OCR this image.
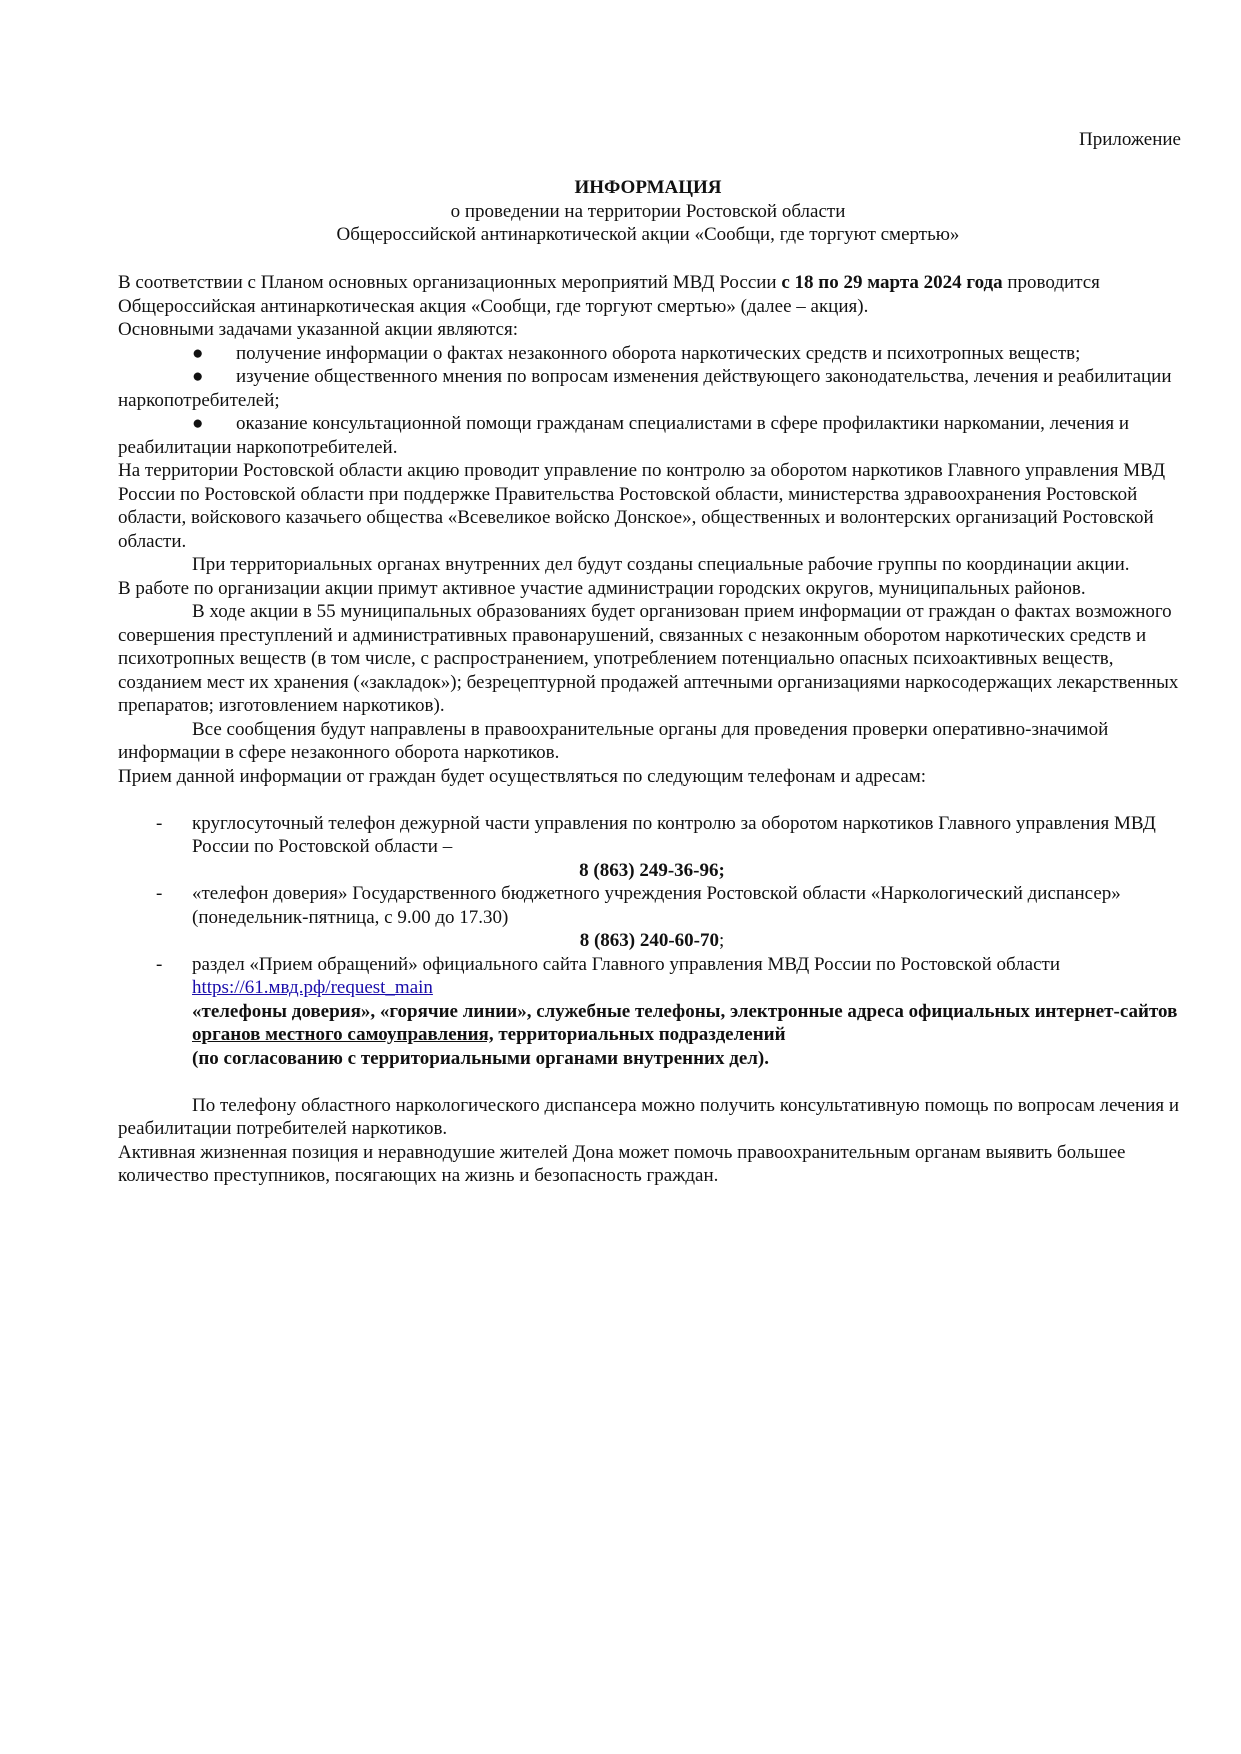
Приложение
ИНФОРМАЦИЯ
о проведении на территории Ростовской области
Общероссийской антинаркотической акции «Сообщи, где торгуют смертью»

В соответствии с Планом основных организационных мероприятий МВД России с 18 по 29 марта 2024 года проводится Общероссийская антинаркотическая акция «Сообщи, где торгуют смертью» (далее – акция).

Основными задачами указанной акции являются:

● получение информации о фактах незаконного оборота наркотических средств и психотропных веществ;
● изучение общественного мнения по вопросам изменения действующего законодательства, лечения и реабилитации наркопотребителей;
● оказание консультационной помощи гражданам специалистами в сфере профилактики наркомании, лечения и реабилитации наркопотребителей.

На территории Ростовской области акцию проводит управление по контролю за оборотом наркотиков Главного управления МВД России по Ростовской области при поддержке Правительства Ростовской области, министерства здравоохранения Ростовской области, войскового казачьего общества «Всевеликое войско Донское», общественных и волонтерских организаций Ростовской области.

При территориальных органах внутренних дел будут созданы специальные рабочие группы по координации акции.

В работе по организации акции примут активное участие администрации городских округов, муниципальных районов.

В ходе акции в 55 муниципальных образованиях будет организован прием информации от граждан о фактах возможного совершения преступлений и административных правонарушений, связанных с незаконным оборотом наркотических средств и психотропных веществ (в том числе, с распространением, употреблением потенциально опасных психоактивных веществ, созданием мест их хранения («закладок»); безрецептурной продажей аптечными организациями наркосодержащих лекарственных препаратов; изготовлением наркотиков).

Все сообщения будут направлены в правоохранительные органы для проведения проверки оперативно-значимой информации в сфере незаконного оборота наркотиков.

Прием данной информации от граждан будет осуществляться по следующим телефонам и адресам:

- круглосуточный телефон дежурной части управления по контролю за оборотом наркотиков Главного управления МВД России по Ростовской области –
8 (863) 249-36-96;
- «телефон доверия» Государственного бюджетного учреждения Ростовской области «Наркологический диспансер» (понедельник-пятница, с 9.00 до 17.30)
8 (863) 240-60-70;
- раздел «Прием обращений» официального сайта Главного управления МВД России по Ростовской области
https://61.мвд.рф/request_main
«телефоны доверия», «горячие линии», служебные телефоны, электронные адреса официальных интернет-сайтов органов местного самоуправления, территориальных подразделений
(по согласованию с территориальными органами внутренних дел).

По телефону областного наркологического диспансера можно получить консультативную помощь по вопросам лечения и реабилитации потребителей наркотиков.

Активная жизненная позиция и неравнодушие жителей Дона может помочь правоохранительным органам выявить большее количество преступников, посягающих на жизнь и безопасность граждан.
